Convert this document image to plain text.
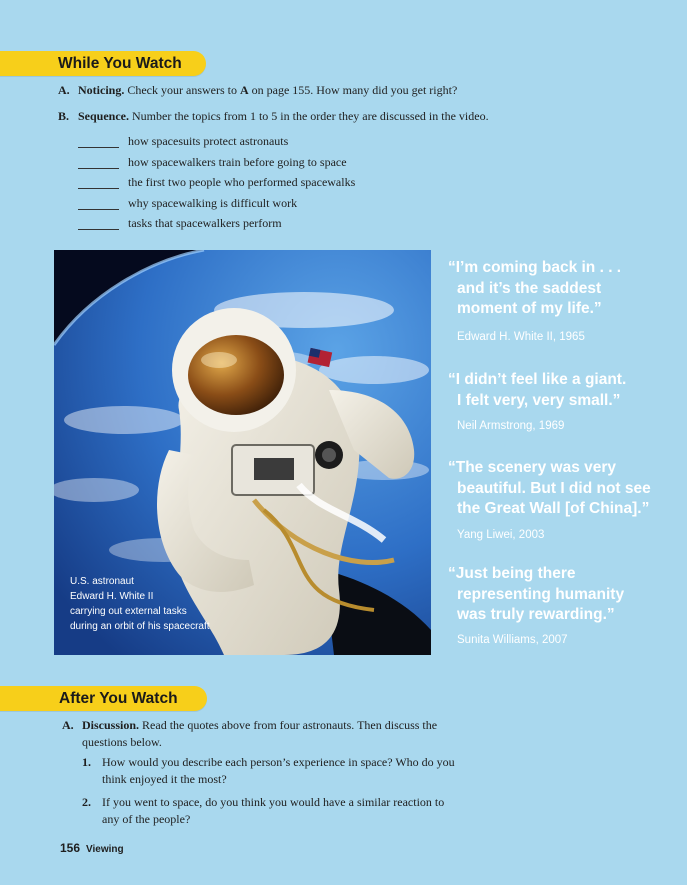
While You Watch
A. Noticing. Check your answers to A on page 155. How many did you get right?
B. Sequence. Number the topics from 1 to 5 in the order they are discussed in the video.
how spacesuits protect astronauts
how spacewalkers train before going to space
the first two people who performed spacewalks
why spacewalking is difficult work
tasks that spacewalkers perform
U.S. astronaut
Edward H. White II
carrying out external tasks
during an orbit of his spacecraft
“I’m coming back in . . .
and it’s the saddest
moment of my life.”
Edward H. White II, 1965
“I didn’t feel like a giant.
I felt very, very small.”
Neil Armstrong, 1969
“The scenery was very
beautiful. But I did not see
the Great Wall [of China].”
Yang Liwei, 2003
“Just being there
representing humanity
was truly rewarding.”
Sunita Williams, 2007
After You Watch
A. Discussion. Read the quotes above from four astronauts. Then discuss the
questions below.
1. How would you describe each person’s experience in space? Who do you
think enjoyed it the most?
2. If you went to space, do you think you would have a similar reaction to
any of the people?
156 Viewing
